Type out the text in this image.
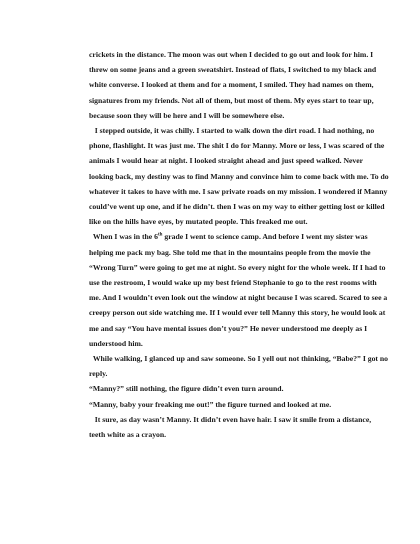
crickets in the distance. The moon was out when I decided to go out and look for him. I threw on some jeans and a green sweatshirt. Instead of flats, I switched to my black and white converse. I looked at them and for a moment, I smiled. They had names on them, signatures from my friends. Not all of them, but most of them. My eyes start to tear up, because soon they will be here and I will be somewhere else.

I stepped outside, it was chilly. I started to walk down the dirt road. I had nothing, no phone, flashlight. It was just me. The shit I do for Manny. More or less, I was scared of the animals I would hear at night. I looked straight ahead and just speed walked. Never looking back, my destiny was to find Manny and convince him to come back with me. To do whatever it takes to have with me. I saw private roads on my mission. I wondered if Manny could’ve went up one, and if he didn’t. then I was on my way to either getting lost or killed like on the hills have eyes, by mutated people. This freaked me out.

When I was in the 6th grade I went to science camp. And before I went my sister was helping me pack my bag. She told me that in the mountains people from the movie the “Wrong Turn” were going to get me at night. So every night for the whole week. If I had to use the restroom, I would wake up my best friend Stephanie to go to the rest rooms with me. And I wouldn’t even look out the window at night because I was scared. Scared to see a creepy person out side watching me. If I would ever tell Manny this story, he would look at me and say “You have mental issues don’t you?” He never understood me deeply as I understood him.

While walking, I glanced up and saw someone. So I yell out not thinking, “Babe?” I got no reply.

“Manny?” still nothing, the figure didn’t even turn around.

“Manny, baby your freaking me out!” the figure turned and looked at me.

It sure, as day wasn’t Manny. It didn’t even have hair. I saw it smile from a distance, teeth white as a crayon.
